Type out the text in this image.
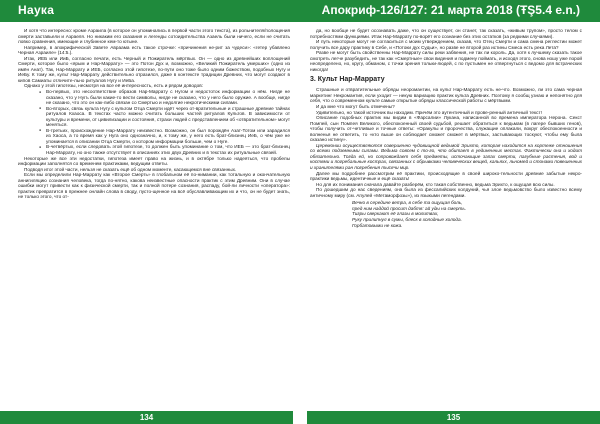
Наука	Апокриф-126/127: 21 марта 2018 (ŦŞ5.4 e.n.)

И хотя что интересно: кроме Азраила (в которое он упоминались в первой части этого текста), из рольнителя/полощения смерти заставьели и Азраеля. Но никаким его сказания и легенды сотоидительства Азаель были ничего, если не считать ловко сравнения, имеющие и глубинное кем-то ютыне.

Например, в апокрифической Завете Авраама есть такое строчке: «причинения не-рит за чудеси»: «гетер убавлено Черная Азраиле» (14:5.).

Итак, ИЕБ или ИиБ, согласно печати, есть Черный и Пожиратель мёртвых. Он — одно из древнейших воплощений Смерти, которое было «ярым и Нар-Маррату» — это Потон Дух и, возможно, «Великий Пожиратель умерших» (одно из имён Анат). Так, Нар-Маррату и ИЕБ, согласно этой гипотезе, по-пути оно тоже было одним божеством, подобных Нугу и ИеБу. К тому же, культ Нар-Маррату действительно отразился, даже в контексте традиции Древних, что могут создают в кипов Самиаты отличите-льно ритуалов Нугу и ИеБа.

Однако у этой гипотезы, несмотря на все её интересность, есть и рядом доводов:

● Во-первых, это несоответствие образов Нар-Маррату с Нугом и недостоток информации о нём. Нигде не сказано, что у Нугъ были какие-то вести символы, нигде не сказано, что у него было оружие. А вообще, нигде не сказано, что это он как-либо связан со Смертью и недолгие некротическими силами.
● Во-вторых, связь культа Нугу с культом Отца Смерти идёт через от-вратительные и страшные древние тайнах ритуалов Кхаоса. В текстах часто можно считать больших частей ритуалов Культов. В зависимости от культуры и времени, от цивилизации и состояния, страхи людей с представлением об «отвратительном» могут меняться.
● В-третьих, происхождение Нар-Маррату неизвестно. Возможно, он был порождён Азат-Тотом или зарадился из Хаоса, а то время как у Нуга оно однозначно, и, к тому же, у него есть брат-близнец ИеБ, о чём уже не упоминается в описании Отца Смерти, о котором информации больше, чем о Нуге.
● В-четвёртых, если следовать этой гипотезе, то должен быть упоминание о том, что ИЕБ — это брат-близнец Нар-Маррату, но оно также отсутствует в описаниях этих двух Древних и в текстах их ритуальные связей.

Некоторые же все эти недостатки, гипотеза имеет право на жизнь, и в октябре только надеяться, что пробелы информации заполнятся со временем практиками, ведущим ответы.

Подводя итог этой части, нельзя не сказать ещё об одном моменте, касающемся вне связанных.

Если мы определили Нар-Маррату как «Второе Смерть» в глобальном её по-нимании, как тотальную и окончательную аннигиляцию сознания человека, тогда по-нятно, какова неизвестные опасности практик с этим Древним. Они в случае ошибки могут привести как к физической смерти, так и полной потере сознания, распаду, бой-ли личности «оператора»: практик превратится в прежнее онлайн слова в своду, пусто-щенное на всё обуславливающим их и что, он не будет знать, не только этого, что от-

да, но вообще не будет осознавать даже, что он существует, он станет, так сказать, «живым трупом», просто телом с потребностями функциями. Итак Нар-Маррату по-ворёт его сознание без этих остатков (за редкими случаями).

И путь некоторые могут не согласиться с моим утверждением, сказав, что Отец Смерти и сама смена реглестии может получить все дару практику в Себе, и «Потоки дух Судьи», но разве не второй раз истины Смеса есть река Лета?

Разве не могут быть свойственны Нар-Маррату силы реки забвения, не так ли король. Да, хотя к лучшему сказать такое смотреть легче разубедить, не так как «Смертные» свои видения и подмену поймать, и исходя этого, снова ношу уже порой неопределено, но, кругу, обманом, с точки зрения тольки-людей, с по пустымен не отвергнуться с ведомо для встраческих никогда!

3. Культ Нар-Маррату

Страшные и отвратительные обряды неоромантии, на культ Нар-Маррату есть не-что. Возможно, ли это сама черная маркетинг Некромантия, если уходит — некую вариацию практик культа Древних. Поэтому я сообщ узнаю и непонятно для себя, что о современном культе самые открытые обряды классической работы с мёртвыми.

И да мне что могут быть отмечены?

Удивительно, но такой источник вы находим. Причём это аутентичный и прове-ренный античный текст!

Описание подобных практик мы видим в «Фарсалии» Лукана, написанной во времена императора Нерона. Секст Помпей, сын Помпея Великого, обеспокоенный своей судьбой, решает обратиться к ведьмам (в лагере бывших генов), чтобы получить от-четливые и точные ответы: «Оракулы и пророчества, служащие оплакали, вокруг обеспокоенности и волненья не ответить, то «кто выше он соблюдает сможет сможет в мёртвых, застывающих тоскуют, чтобы ему была сказано истину».

Церемонии осуществляются совершенно чудовищной ведьмой Эрихто, которая находится на кортеже отношения со всеми подземными силами. Ведьма совсем с то-го, что обитает в уединенных местах. Фактически она и ходит обязательно. Тогда ей, но сопровождает себя предметы, источающие запах смерти, пагубные растения, вод и костями и погребальные кострах, связанных с обрывками человеческих вещей, кальяхх, льномей и стонами повешенных и хранителями ран погребения тысячи мир.

Далее мы подробнее рассмотрим её практики, происходящие в своей широко-тельности древние забытые некро-практики ведьмы, идентичные и ещё сказать!

Но для их понимания сначала давайте разберём, кто такая собственно, ведьма Эрихто, к ощущая всю силы.

По дошедшим до нас сведениям, она была из фессалийских колдуний, чья злое ведьмовство было известно всему античному миру (см. Апулей «Метаморфозы»), из языкыми легендами.

Вечно в середине ветра, в себе та ощущая боль,
пред ним наддой просит дабтя: ай уды на смерть.
Тигры сверкают её глазы в молитвах,
Руку прилипнул в сумы, блеск в холодные холода.
Горбатовыми не кожа.
134	135
